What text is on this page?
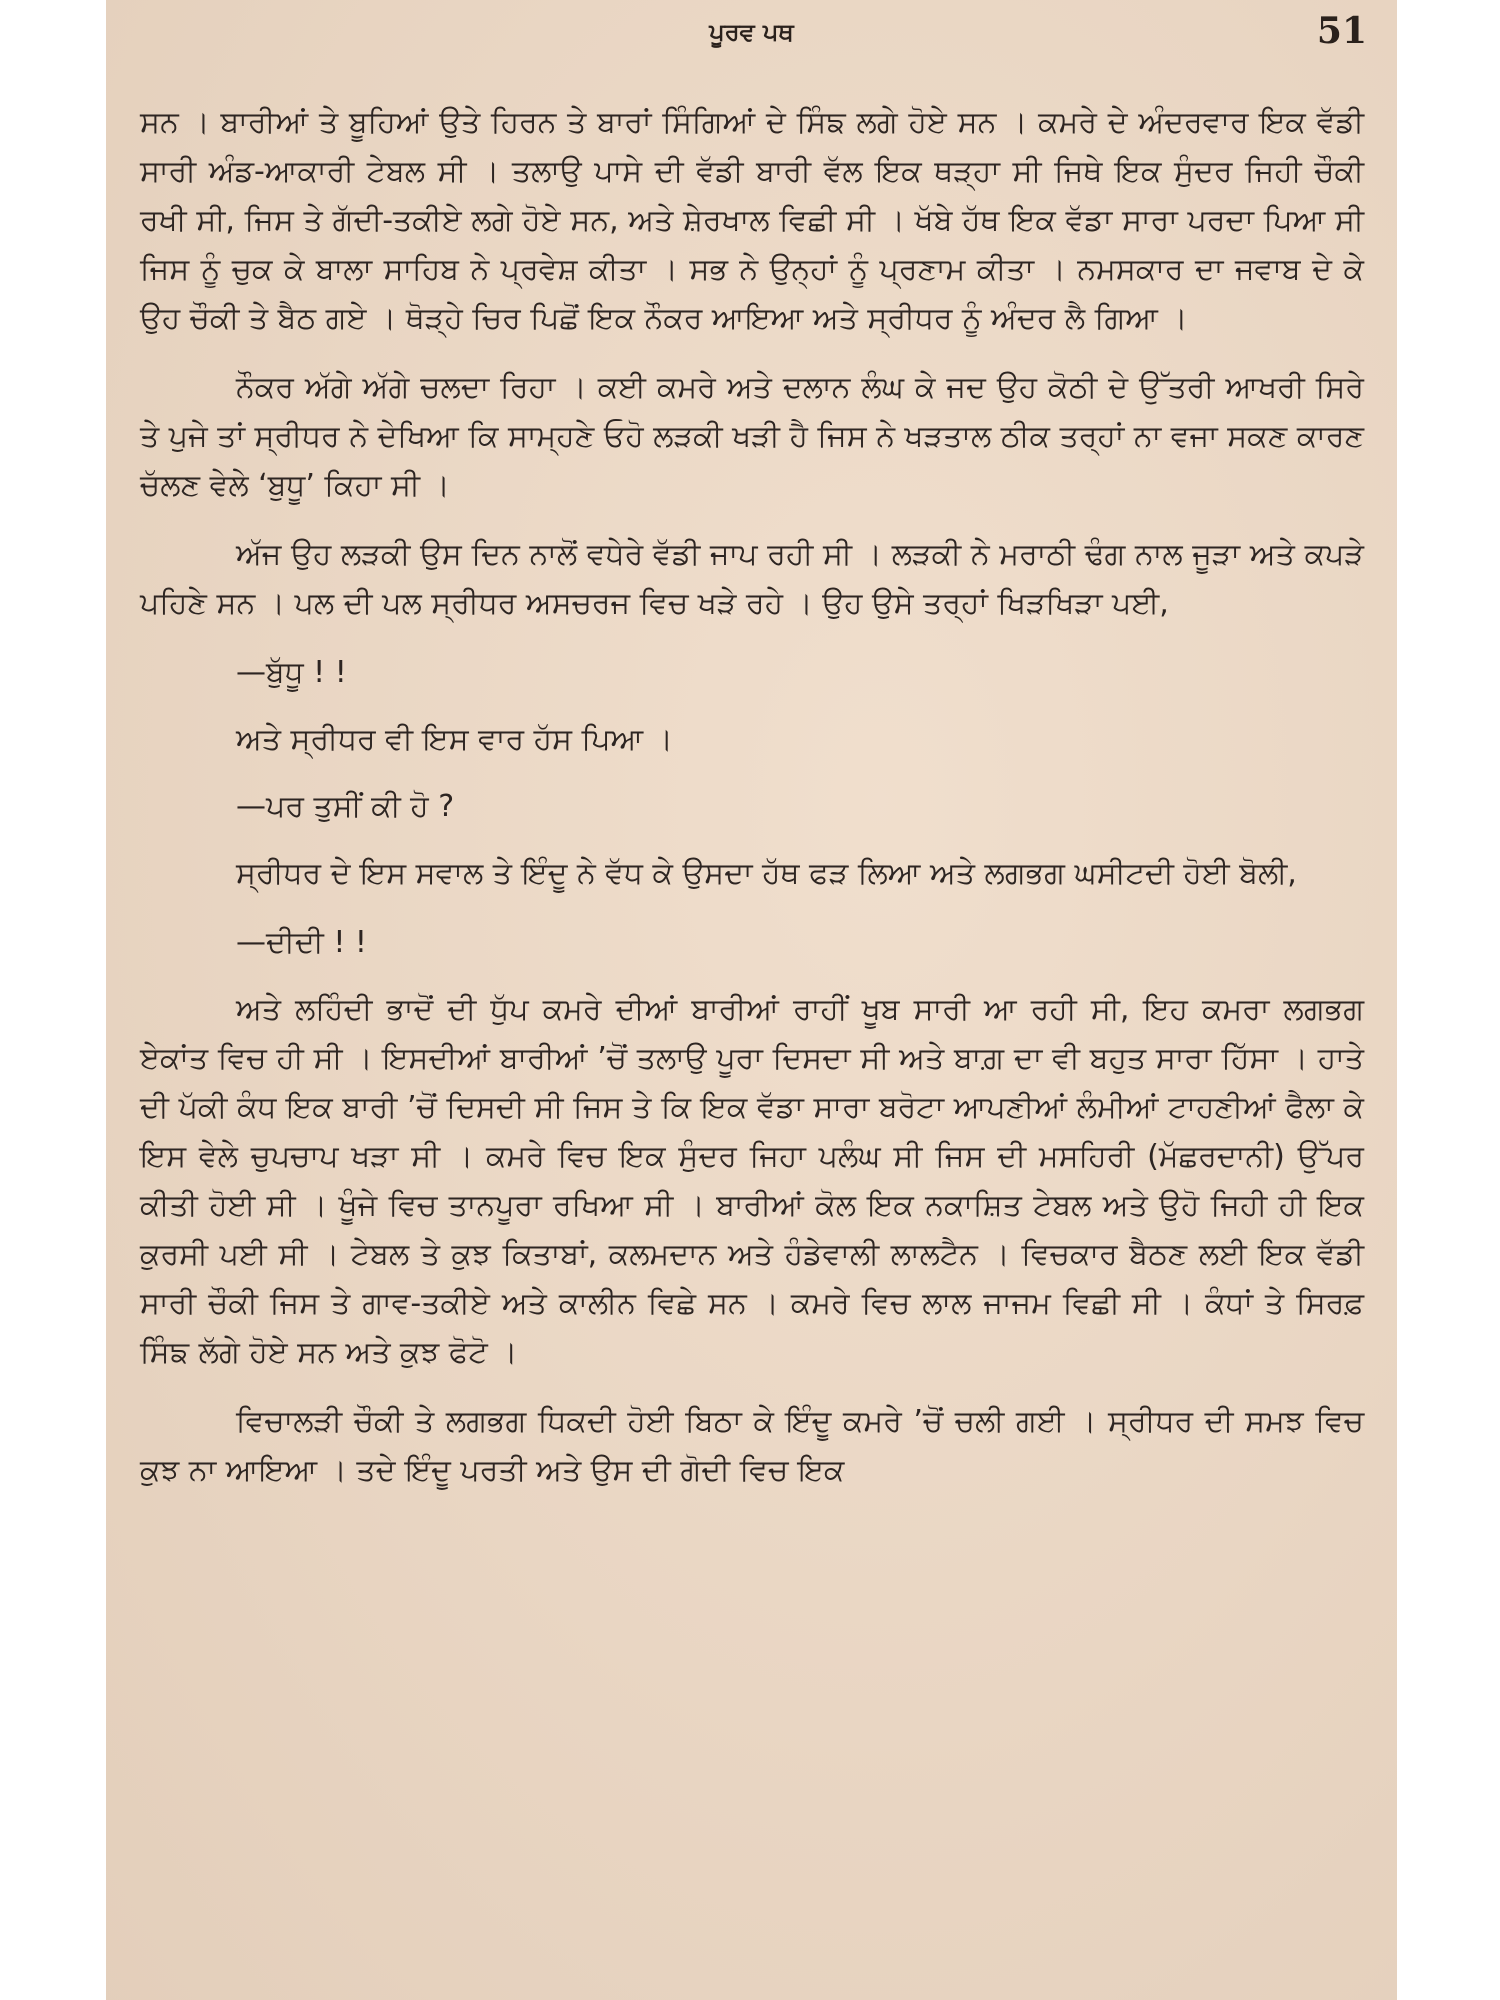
ਪੂਰਵ ਪਥ	51

ਸਨ । ਬਾਰੀਆਂ ਤੇ ਬੂਹਿਆਂ ਉਤੇ ਹਿਰਨ ਤੇ ਬਾਰਾਂ ਸਿੰਗਿਆਂ ਦੇ ਸਿੰਙ ਲਗੇ ਹੋਏ ਸਨ । ਕਮਰੇ ਦੇ ਅੰਦਰਵਾਰ ਇਕ ਵੱਡੀ ਸਾਰੀ ਅੰਡ-ਆਕਾਰੀ ਟੇਬਲ ਸੀ । ਤਲਾਉ ਪਾਸੇ ਦੀ ਵੱਡੀ ਬਾਰੀ ਵੱਲ ਇਕ ਥੜ੍ਹਾ ਸੀ ਜਿਥੇ ਇਕ ਸੁੰਦਰ ਜਿਹੀ ਚੌਕੀ ਰਖੀ ਸੀ, ਜਿਸ ਤੇ ਗੱਦੀ-ਤਕੀਏ ਲਗੇ ਹੋਏ ਸਨ, ਅਤੇ ਸ਼ੇਰਖਾਲ ਵਿਛੀ ਸੀ । ਖੱਬੇ ਹੱਥ ਇਕ ਵੱਡਾ ਸਾਰਾ ਪਰਦਾ ਪਿਆ ਸੀ ਜਿਸ ਨੂੰ ਚੁਕ ਕੇ ਬਾਲਾ ਸਾਹਿਬ ਨੇ ਪ੍ਰਵੇਸ਼ ਕੀਤਾ । ਸਭ ਨੇ ਉਨ੍ਹਾਂ ਨੂੰ ਪ੍ਰਣਾਮ ਕੀਤਾ । ਨਮਸਕਾਰ ਦਾ ਜਵਾਬ ਦੇ ਕੇ ਉਹ ਚੌਕੀ ਤੇ ਬੈਠ ਗਏ । ਥੋੜ੍ਹੇ ਚਿਰ ਪਿਛੋਂ ਇਕ ਨੌਕਰ ਆਇਆ ਅਤੇ ਸ੍ਰੀਧਰ ਨੂੰ ਅੰਦਰ ਲੈ ਗਿਆ ।

ਨੌਕਰ ਅੱਗੇ ਅੱਗੇ ਚਲਦਾ ਰਿਹਾ । ਕਈ ਕਮਰੇ ਅਤੇ ਦਲਾਨ ਲੰਘ ਕੇ ਜਦ ਉਹ ਕੋਠੀ ਦੇ ਉੱਤਰੀ ਆਖਰੀ ਸਿਰੇ ਤੇ ਪੁਜੇ ਤਾਂ ਸ੍ਰੀਧਰ ਨੇ ਦੇਖਿਆ ਕਿ ਸਾਮ੍ਹਣੇ ਓਹੋ ਲੜਕੀ ਖੜੀ ਹੈ ਜਿਸ ਨੇ ਖੜਤਾਲ ਠੀਕ ਤਰ੍ਹਾਂ ਨਾ ਵਜਾ ਸਕਣ ਕਾਰਣ ਚੱਲਣ ਵੇਲੇ ‘ਬੁਧੂ’ ਕਿਹਾ ਸੀ ।

ਅੱਜ ਉਹ ਲੜਕੀ ਉਸ ਦਿਨ ਨਾਲੋਂ ਵਧੇਰੇ ਵੱਡੀ ਜਾਪ ਰਹੀ ਸੀ । ਲੜਕੀ ਨੇ ਮਰਾਠੀ ਢੰਗ ਨਾਲ ਜੂੜਾ ਅਤੇ ਕਪੜੇ ਪਹਿਣੇ ਸਨ । ਪਲ ਦੀ ਪਲ ਸ੍ਰੀਧਰ ਅਸਚਰਜ ਵਿਚ ਖੜੇ ਰਹੇ । ਉਹ ਉਸੇ ਤਰ੍ਹਾਂ ਖਿੜਖਿੜਾ ਪਈ,

—ਬੁੱਧੂ ! !

ਅਤੇ ਸ੍ਰੀਧਰ ਵੀ ਇਸ ਵਾਰ ਹੱਸ ਪਿਆ ।

—ਪਰ ਤੁਸੀਂ ਕੀ ਹੋ ?

ਸ੍ਰੀਧਰ ਦੇ ਇਸ ਸਵਾਲ ਤੇ ਇੰਦੂ ਨੇ ਵੱਧ ਕੇ ਉਸਦਾ ਹੱਥ ਫੜ ਲਿਆ ਅਤੇ ਲਗਭਗ ਘਸੀਟਦੀ ਹੋਈ ਬੋਲੀ,

—ਦੀਦੀ ! !

ਅਤੇ ਲਹਿੰਦੀ ਭਾਦੋਂ ਦੀ ਧੁੱਪ ਕਮਰੇ ਦੀਆਂ ਬਾਰੀਆਂ ਰਾਹੀਂ ਖੂਬ ਸਾਰੀ ਆ ਰਹੀ ਸੀ, ਇਹ ਕਮਰਾ ਲਗਭਗ ਏਕਾਂਤ ਵਿਚ ਹੀ ਸੀ । ਇਸਦੀਆਂ ਬਾਰੀਆਂ ’ਚੋਂ ਤਲਾਉ ਪੂਰਾ ਦਿਸਦਾ ਸੀ ਅਤੇ ਬਾਗ਼ ਦਾ ਵੀ ਬਹੁਤ ਸਾਰਾ ਹਿੱਸਾ । ਹਾਤੇ ਦੀ ਪੱਕੀ ਕੰਧ ਇਕ ਬਾਰੀ ’ਚੋਂ ਦਿਸਦੀ ਸੀ ਜਿਸ ਤੇ ਕਿ ਇਕ ਵੱਡਾ ਸਾਰਾ ਬਰੋਟਾ ਆਪਣੀਆਂ ਲੰਮੀਆਂ ਟਾਹਣੀਆਂ ਫੈਲਾ ਕੇ ਇਸ ਵੇਲੇ ਚੁਪਚਾਪ ਖੜਾ ਸੀ । ਕਮਰੇ ਵਿਚ ਇਕ ਸੁੰਦਰ ਜਿਹਾ ਪਲੰਘ ਸੀ ਜਿਸ ਦੀ ਮਸਹਿਰੀ (ਮੱਛਰਦਾਨੀ) ਉੱਪਰ ਕੀਤੀ ਹੋਈ ਸੀ । ਖੂੰਜੇ ਵਿਚ ਤਾਨਪੂਰਾ ਰਖਿਆ ਸੀ । ਬਾਰੀਆਂ ਕੋਲ ਇਕ ਨਕਾਸ਼ਿਤ ਟੇਬਲ ਅਤੇ ਉਹੋ ਜਿਹੀ ਹੀ ਇਕ ਕੁਰਸੀ ਪਈ ਸੀ । ਟੇਬਲ ਤੇ ਕੁਝ ਕਿਤਾਬਾਂ, ਕਲਮਦਾਨ ਅਤੇ ਹੰਡੇਵਾਲੀ ਲਾਲਟੈਨ । ਵਿਚਕਾਰ ਬੈਠਣ ਲਈ ਇਕ ਵੱਡੀ ਸਾਰੀ ਚੌਕੀ ਜਿਸ ਤੇ ਗਾਵ-ਤਕੀਏ ਅਤੇ ਕਾਲੀਨ ਵਿਛੇ ਸਨ । ਕਮਰੇ ਵਿਚ ਲਾਲ ਜਾਜਮ ਵਿਛੀ ਸੀ । ਕੰਧਾਂ ਤੇ ਸਿਰਫ਼ ਸਿੰਙ ਲੱਗੇ ਹੋਏ ਸਨ ਅਤੇ ਕੁਝ ਫੋਟੋ ।

ਵਿਚਾਲੜੀ ਚੌਕੀ ਤੇ ਲਗਭਗ ਧਿਕਦੀ ਹੋਈ ਬਿਠਾ ਕੇ ਇੰਦੂ ਕਮਰੇ ’ਚੋਂ ਚਲੀ ਗਈ । ਸ੍ਰੀਧਰ ਦੀ ਸਮਝ ਵਿਚ ਕੁਝ ਨਾ ਆਇਆ । ਤਦੇ ਇੰਦੂ ਪਰਤੀ ਅਤੇ ਉਸ ਦੀ ਗੋਦੀ ਵਿਚ ਇਕ
